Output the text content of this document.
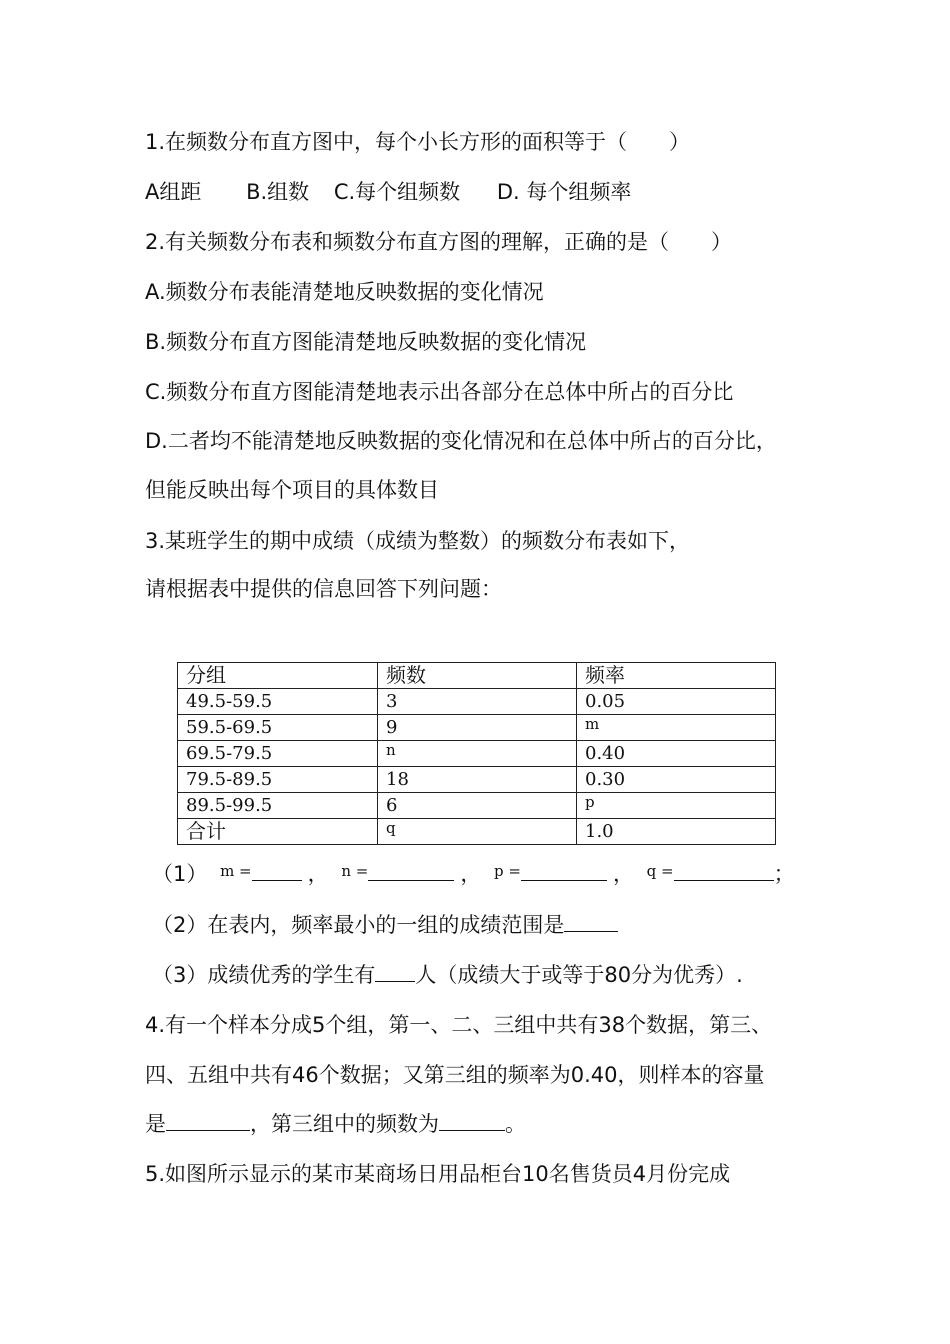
1.在频数分布直方图中，每个小长方形的面积等于（　　）
A组距 B.组数 C.每个组频数 D. 每个组频率
2.有关频数分布表和频数分布直方图的理解，正确的是（　　）
A.频数分布表能清楚地反映数据的变化情况
B.频数分布直方图能清楚地反映数据的变化情况
C.频数分布直方图能清楚地表示出各部分在总体中所占的百分比
D.二者均不能清楚地反映数据的变化情况和在总体中所占的百分比，
但能反映出每个项目的具体数目
3.某班学生的期中成绩（成绩为整数）的频数分布表如下，
请根据表中提供的信息回答下列问题：
分组	频数	频率
49.5-59.5	3	0.05
59.5-69.5	9	m
69.5-79.5	n	0.40
79.5-89.5	18	0.30
89.5-99.5	6	p
合计	q	1.0
（1） $^{m =}$	， $^{n =}$	， $^{p =}$	， $^{q =}$	；
（2）在表内，频率最小的一组的成绩范围是
（3）成绩优秀的学生有 人（成绩大于或等于80分为优秀）.
4.有一个样本分成5个组，第一、二、三组中共有38个数据，第三、
四、五组中共有46个数据；又第三组的频率为0.40，则样本的容量
是	，第三组中的频数为	。
5.如图所示显示的某市某商场日用品柜台10名售货员4月份完成
